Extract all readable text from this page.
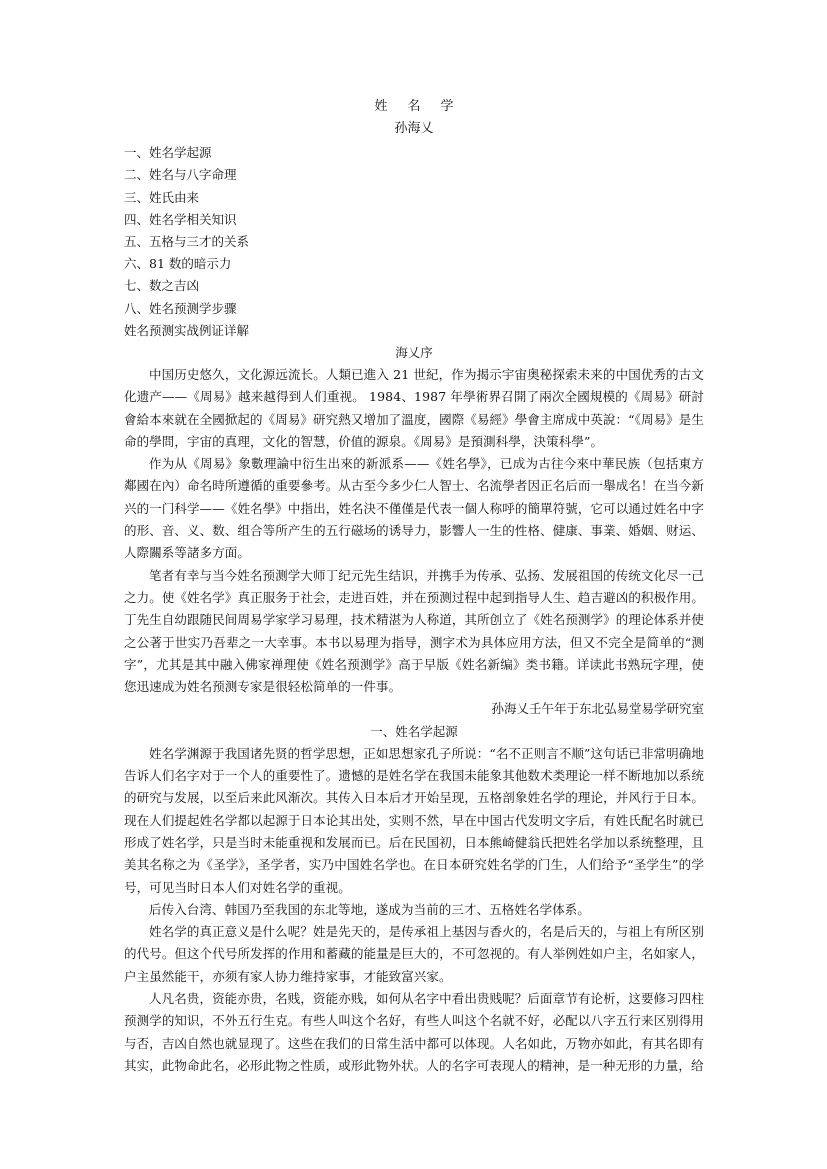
姓 名 学
孙海乂
一、姓名学起源
二、姓名与八字命理
三、姓氏由来
四、姓名学相关知识
五、五格与三才的关系
六、81 数的暗示力
七、数之吉凶
八、姓名预测学步骤
姓名预测实战例证详解
海乂序

中国历史悠久，文化源远流长。人類已進入 21 世紀，作为揭示宇宙奥秘探索未来的中国优秀的古文化遗产——《周易》越来越得到人们重视。 1984、1987 年學術界召開了兩次全國規模的《周易》研討會給本來就在全國掀起的《周易》研究熱又增加了溫度，國際《易經》學會主席成中英說：“《周易》是生命的學問，宇宙的真理，文化的智慧，价值的源泉。《周易》是預測科學，決策科學”。

作为从《周易》象數理論中衍生出來的新派系——《姓名學》，已成为古往今來中華民族（包括東方鄰國在內）命名時所遵循的重要參考。从古至今多少仁人智士、名流學者因正名后而一舉成名！在当今新兴的一门科学——《姓名學》中指出，姓名決不僅僅是代表一個人称呼的簡單符號，它可以通过姓名中字的形、音、义、数、组合等所产生的五行磁场的诱导力，影響人一生的性格、健康、事業、婚姻、财运、人際關系等諸多方面。

笔者有幸与当今姓名预测学大师丁纪元先生结识，并携手为传承、弘扬、发展祖国的传统文化尽一己之力。使《姓名学》真正服务于社会，走进百姓，并在预测过程中起到指导人生、趋吉避凶的积极作用。丁先生自幼跟随民间周易学家学习易理，技术精湛为人称道，其所创立了《姓名预测学》的理论体系并使之公著于世实乃吾辈之一大幸事。本书以易理为指导，测字术为具体应用方法，但又不完全是简单的“测字”，尤其是其中融入佛家禅理使《姓名预测学》高于早版《姓名新编》类书籍。详读此书熟玩字理，使您迅速成为姓名预测专家是很轻松简单的一件事。

孙海乂壬午年于东北弘易堂易学研究室

一、姓名学起源

姓名学渊源于我国诸先贤的哲学思想，正如思想家孔子所说：“名不正则言不顺”这句话已非常明确地告诉人们名字对于一个人的重要性了。遗憾的是姓名学在我国未能象其他数术类理论一样不断地加以系统的研究与发展，以至后来此风渐次。其传入日本后才开始呈现，五格剖象姓名学的理论，并风行于日本。现在人们提起姓名学都以起源于日本论其出处，实则不然，早在中国古代发明文字后，有姓氏配名时就已形成了姓名学，只是当时未能重视和发展而已。后在民国初，日本熊崎健翁氏把姓名学加以系统整理，且美其名称之为《圣学》，圣学者，实乃中国姓名学也。在日本研究姓名学的门生，人们给予“圣学生”的学号，可见当时日本人们对姓名学的重视。

后传入台湾、韩国乃至我国的东北等地，遂成为当前的三才、五格姓名学体系。

姓名学的真正意义是什么呢？姓是先天的，是传承祖上基因与香火的，名是后天的，与祖上有所区别的代号。但这个代号所发挥的作用和蓄藏的能量是巨大的，不可忽视的。有人举例姓如户主，名如家人，户主虽然能干，亦须有家人协力维持家事，才能致富兴家。

人凡名贵，资能亦贵，名贱，资能亦贱，如何从名字中看出贵贱呢？后面章节有论析，这要修习四柱预测学的知识，不外五行生克。有些人叫这个名好，有些人叫这个名就不好，必配以八字五行来区别得用与否，吉凶自然也就显现了。这些在我们的日常生活中都可以体现。人名如此，万物亦如此，有其名即有其实，此物命此名，必形此物之性质，或形此物外状。人的名字可表现人的精神，是一种无形的力量，给
